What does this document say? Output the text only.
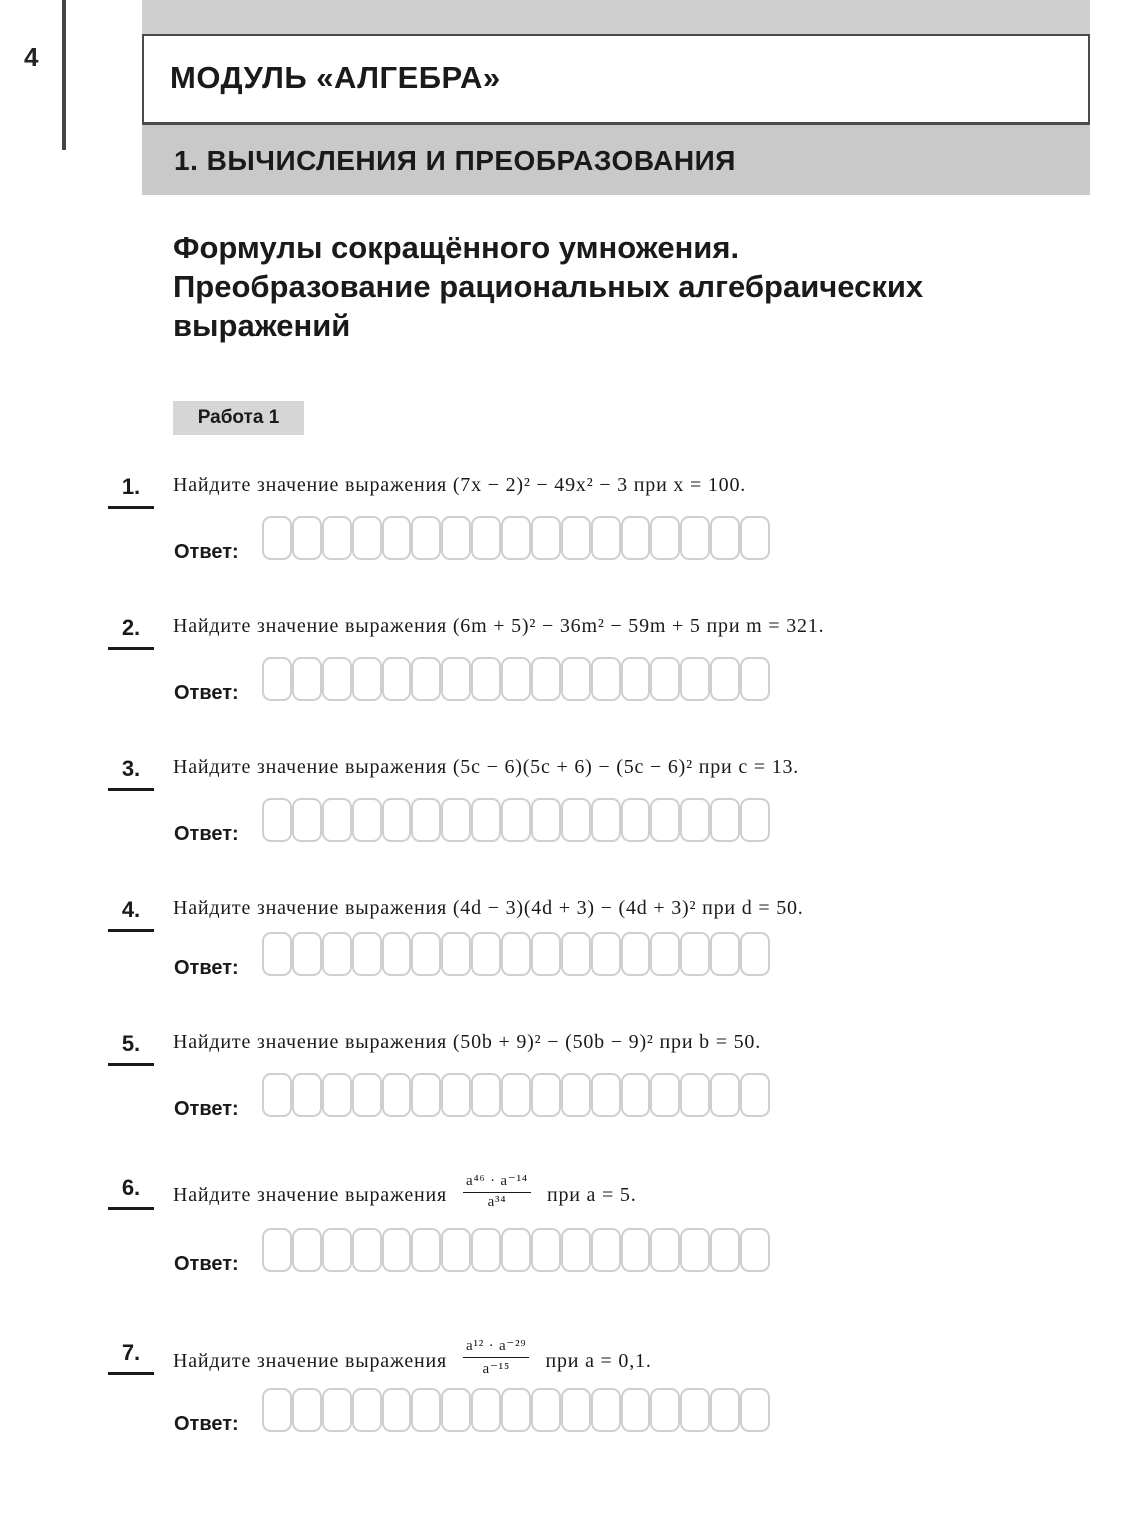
4
МОДУЛЬ «АЛГЕБРА»
1. ВЫЧИСЛЕНИЯ И ПРЕОБРАЗОВАНИЯ
Формулы сокращённого умножения.
Преобразование рациональных алгебраических
выражений
Работа 1
1.	Найдите значение выражения
(7x − 2)² − 49x² − 3
при x = 100.
Ответ:
2.	Найдите значение выражения
(6m + 5)² − 36m² − 59m + 5
при m = 321.
Ответ:
3.	Найдите значение выражения
(5c − 6)(5c + 6) − (5c − 6)²
при c = 13.
Ответ:
4.	Найдите значение выражения
(4d − 3)(4d + 3) − (4d + 3)²
при d = 50.
Ответ:
5.	Найдите значение выражения
(50b + 9)² − (50b − 9)²
при b = 50.
Ответ:
6.	Найдите значение выражения $\frac{\text{a⁴⁶ · a⁻¹⁴}}{\text{a³⁴}}$ при a = 5.
Ответ:
7.	Найдите значение выражения $\frac{\text{a¹² · a⁻²⁹}}{\text{a⁻¹⁵}}$ при a = 0,1.
Ответ:
